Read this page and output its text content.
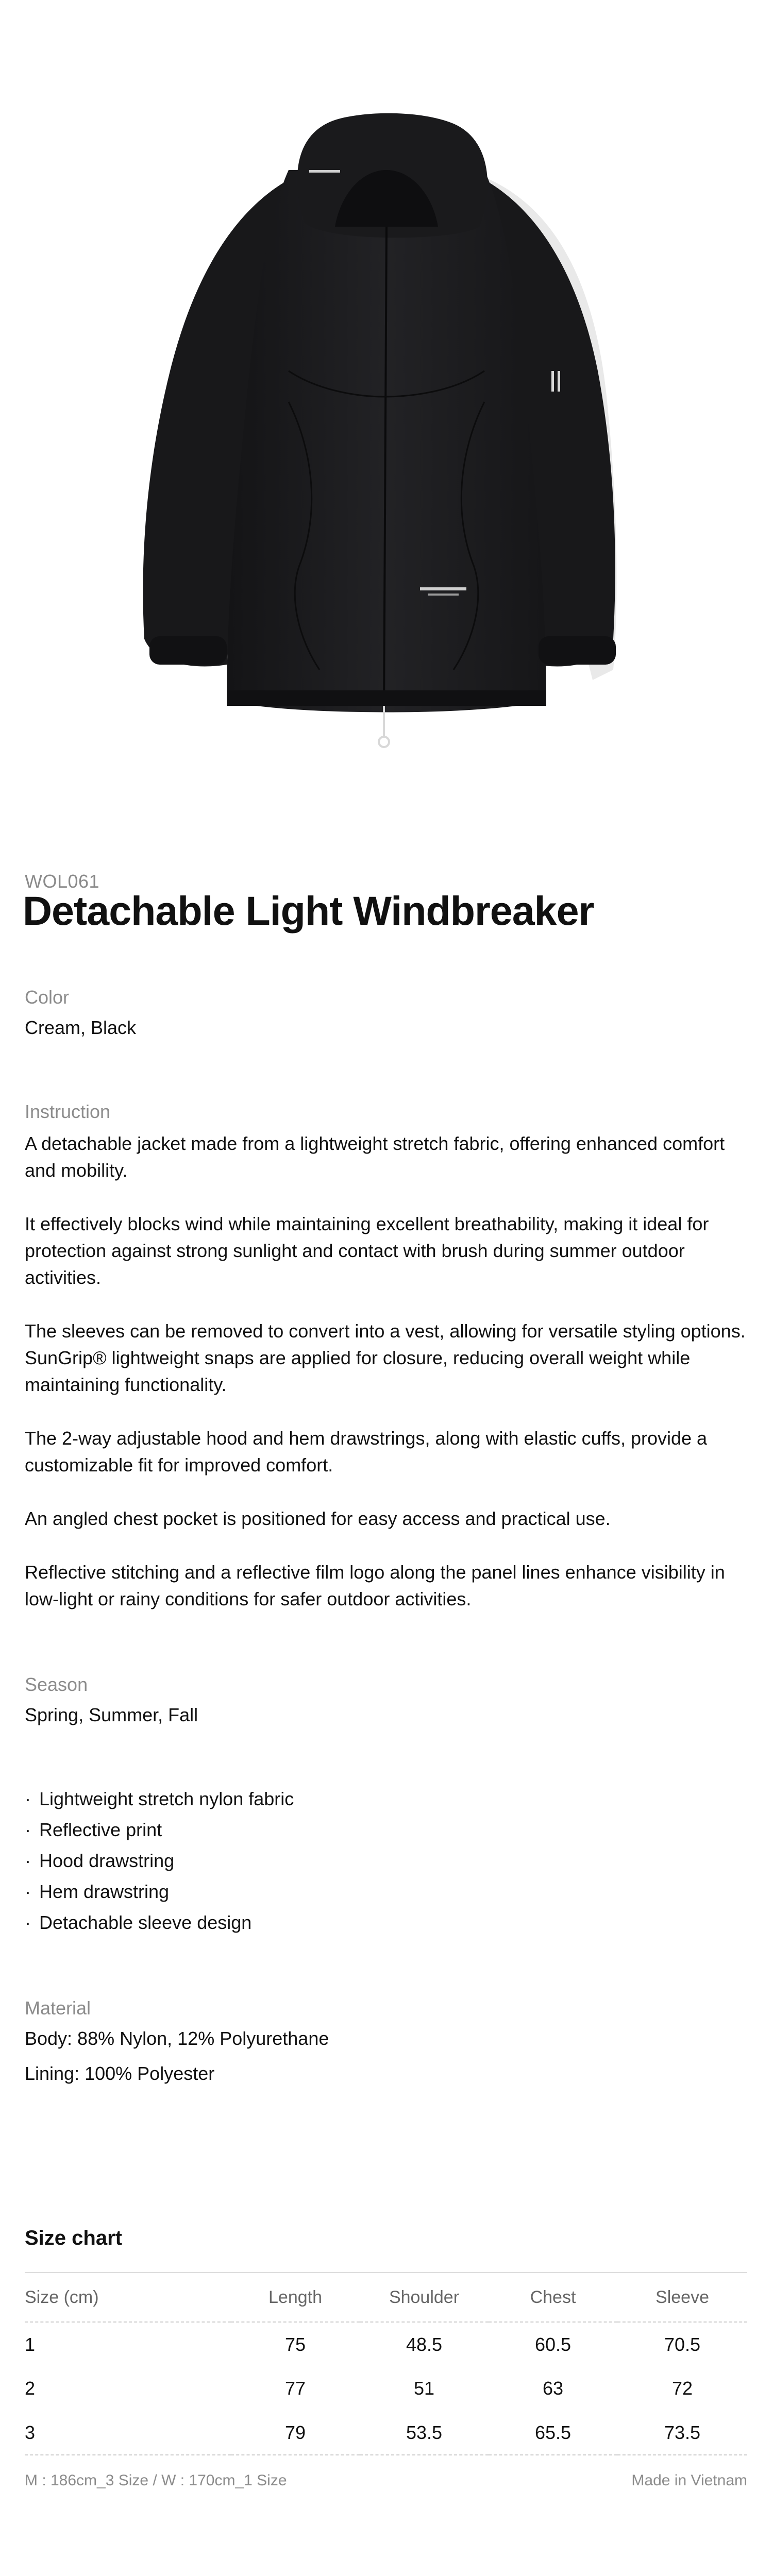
WOL061
Detachable Light Windbreaker
Color
Cream, Black
Instruction

A detachable jacket made from a lightweight stretch fabric, offering enhanced comfort and mobility.

It effectively blocks wind while maintaining excellent breathability, making it ideal for protection against strong sunlight and contact with brush during summer outdoor activities.

The sleeves can be removed to convert into a vest, allowing for versatile styling options. SunGrip® lightweight snaps are applied for closure, reducing overall weight while maintaining functionality.

The 2-way adjustable hood and hem drawstrings, along with elastic cuffs, provide a customizable fit for improved comfort.

An angled chest pocket is positioned for easy access and practical use.

Reflective stitching and a reflective film logo along the panel lines enhance visibility in low-light or rainy conditions for safer outdoor activities.

Season
Spring, Summer, Fall
· Lightweight stretch nylon fabric
· Reflective print
· Hood drawstring
· Hem drawstring
· Detachable sleeve design
Material
Body: 88% Nylon, 12% Polyurethane
Lining: 100% Polyester
Size chart
Size (cm)	Length	Shoulder	Chest	Sleeve
1	75	48.5	60.5	70.5
2	77	51	63	72
3	79	53.5	65.5	73.5
M : 186cm_3 Size / W : 170cm_1 Size	Made in Vietnam
